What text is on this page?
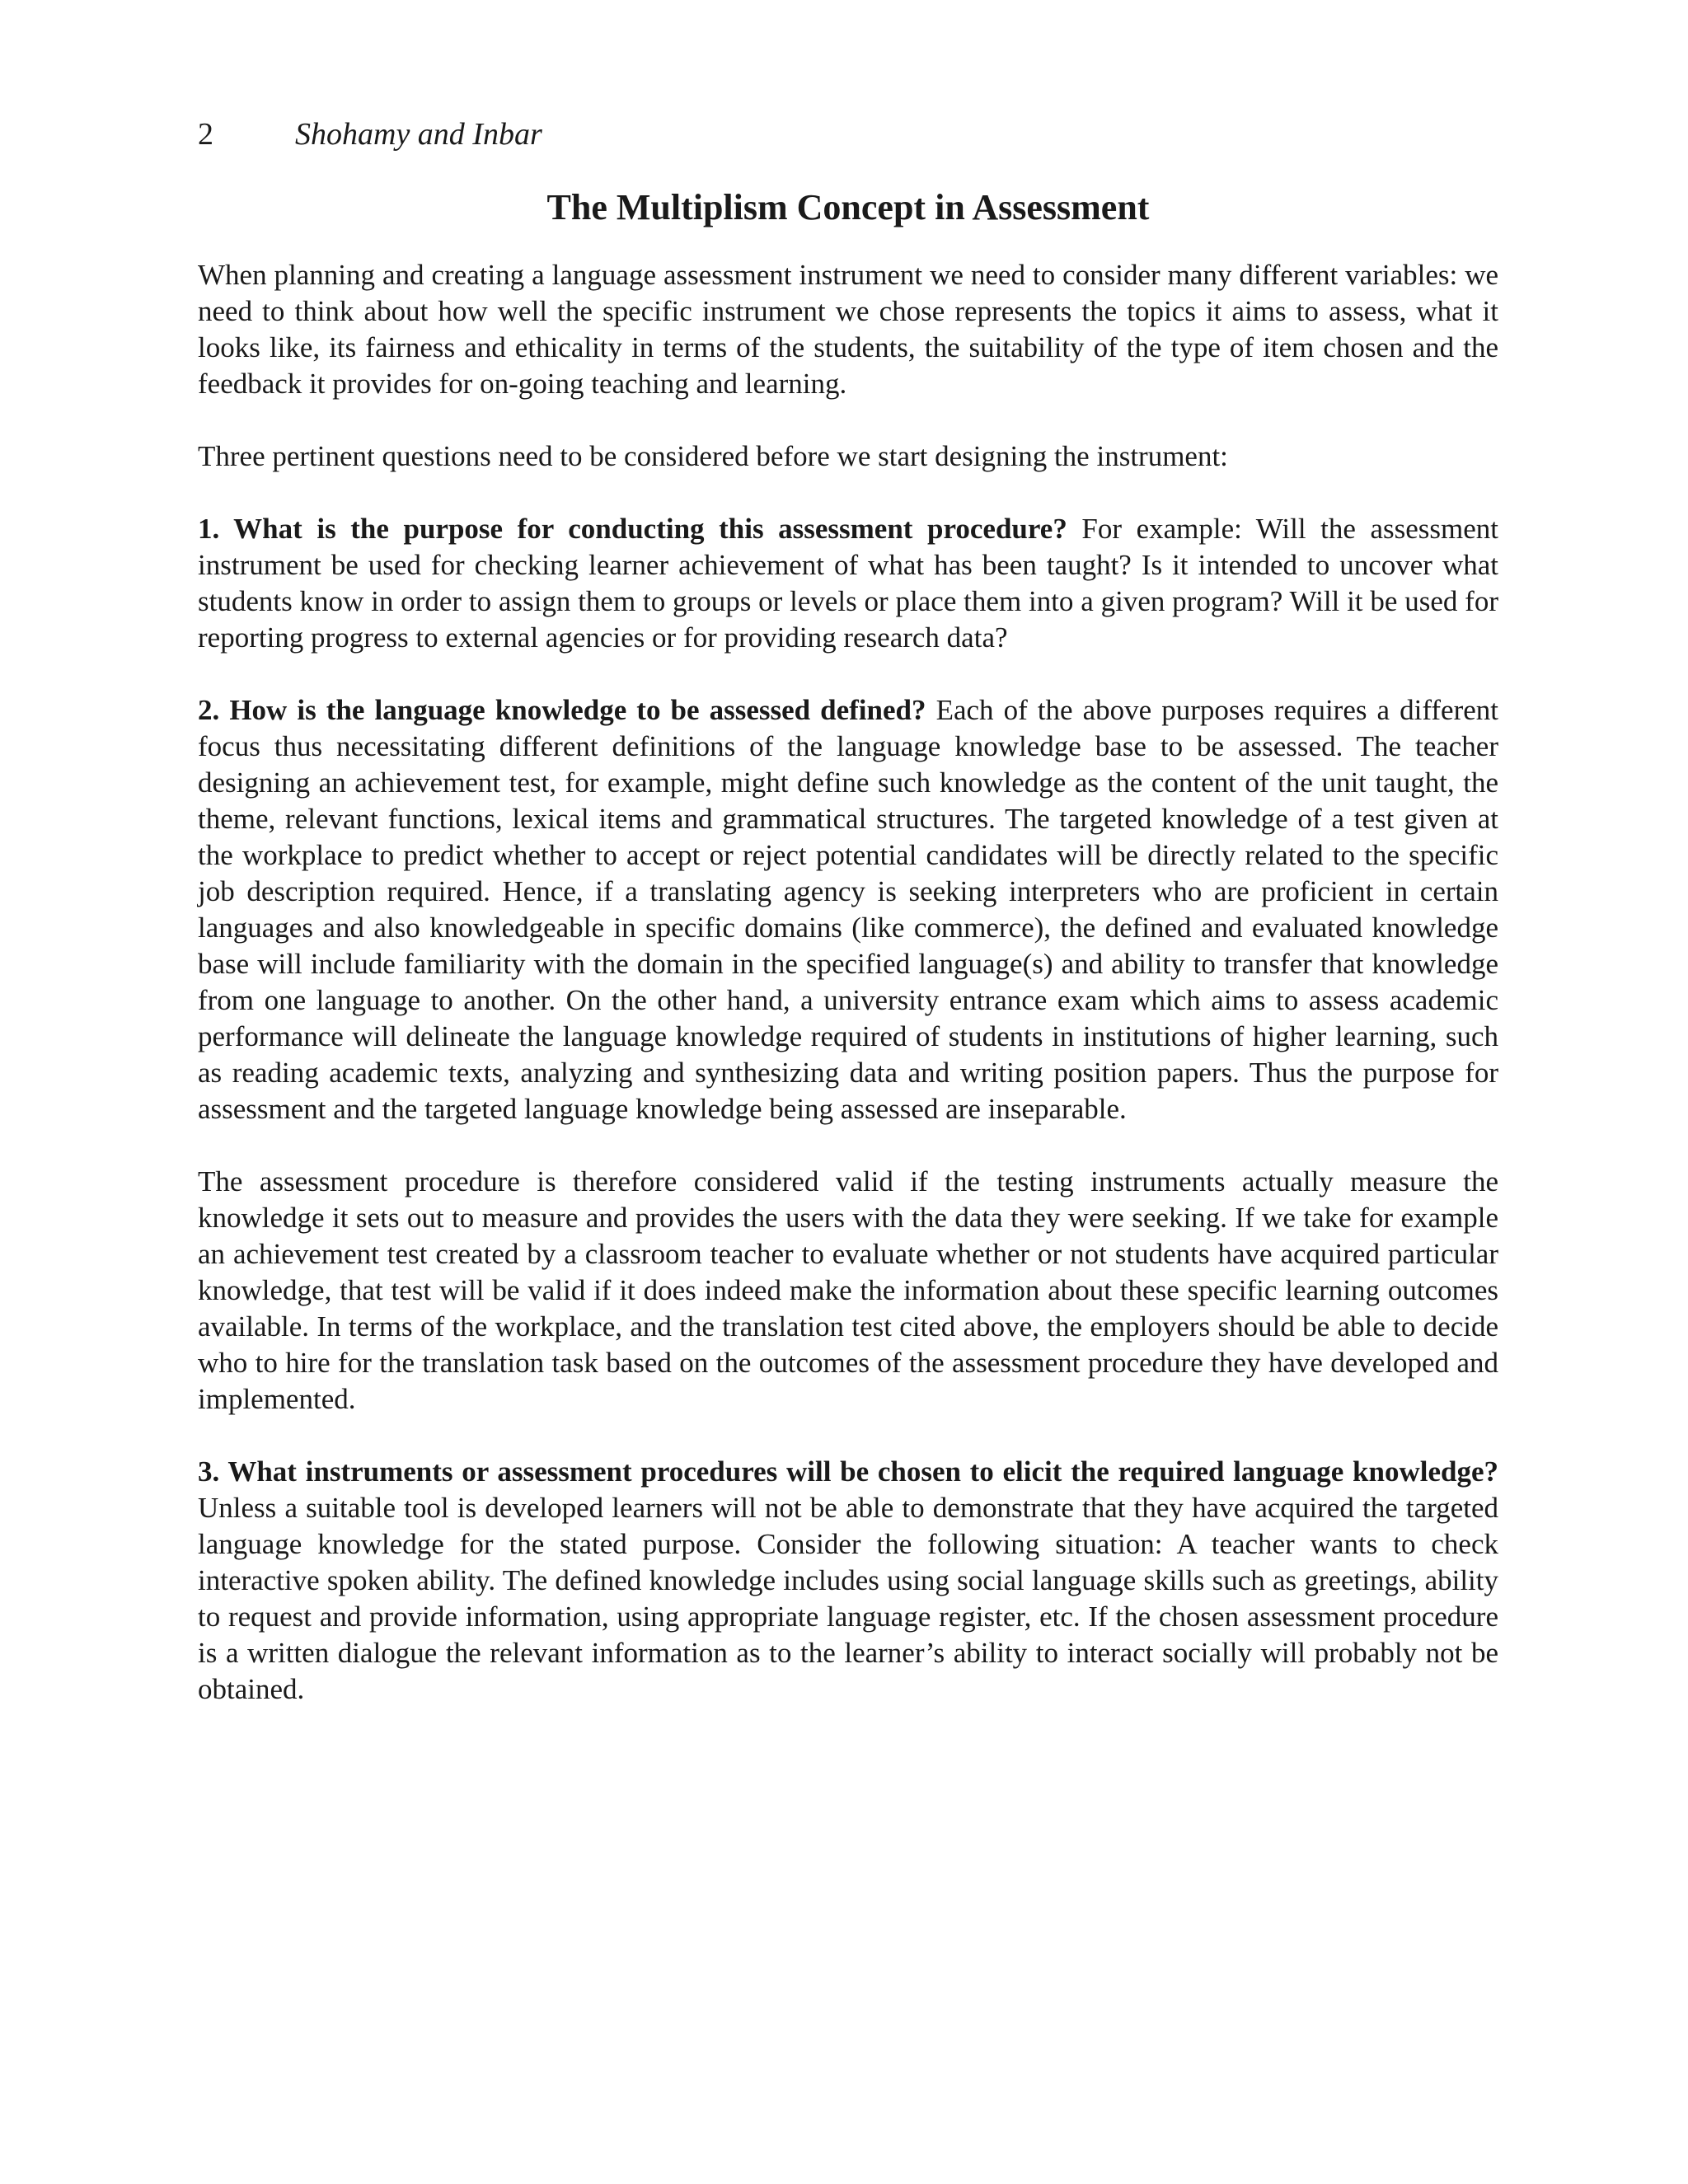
2	Shohamy and Inbar
The Multiplism Concept in Assessment

When planning and creating a language assessment instrument we need to consider many different variables: we need to think about how well the specific instrument we chose represents the topics it aims to assess, what it looks like, its fairness and ethicality in terms of the students, the suitability of the type of item chosen and the feedback it provides for on-going teaching and learning.

Three pertinent questions need to be considered before we start designing the instrument:

1. What is the purpose for conducting this assessment procedure? For example: Will the assessment instrument be used for checking learner achievement of what has been taught? Is it intended to uncover what students know in order to assign them to groups or levels or place them into a given program? Will it be used for reporting progress to external agencies or for providing research data?

2. How is the language knowledge to be assessed defined? Each of the above purposes requires a different focus thus necessitating different definitions of the language knowledge base to be assessed. The teacher designing an achievement test, for example, might define such knowledge as the content of the unit taught, the theme, relevant functions, lexical items and grammatical structures. The targeted knowledge of a test given at the workplace to predict whether to accept or reject potential candidates will be directly related to the specific job description required. Hence, if a translating agency is seeking interpreters who are proficient in certain languages and also knowledgeable in specific domains (like commerce), the defined and evaluated knowledge base will include familiarity with the domain in the specified language(s) and ability to transfer that knowledge from one language to another. On the other hand, a university entrance exam which aims to assess academic performance will delineate the language knowledge required of students in institutions of higher learning, such as reading academic texts, analyzing and synthesizing data and writing position papers. Thus the purpose for assessment and the targeted language knowledge being assessed are inseparable.

The assessment procedure is therefore considered valid if the testing instruments actually measure the knowledge it sets out to measure and provides the users with the data they were seeking. If we take for example an achievement test created by a classroom teacher to evaluate whether or not students have acquired particular knowledge, that test will be valid if it does indeed make the information about these specific learning outcomes available. In terms of the workplace, and the translation test cited above, the employers should be able to decide who to hire for the translation task based on the outcomes of the assessment procedure they have developed and implemented.

3. What instruments or assessment procedures will be chosen to elicit the required language knowledge? Unless a suitable tool is developed learners will not be able to demonstrate that they have acquired the targeted language knowledge for the stated purpose. Consider the following situation: A teacher wants to check interactive spoken ability. The defined knowledge includes using social language skills such as greetings, ability to request and provide information, using appropriate language register, etc. If the chosen assessment procedure is a written dialogue the relevant information as to the learner’s ability to interact socially will probably not be obtained.
